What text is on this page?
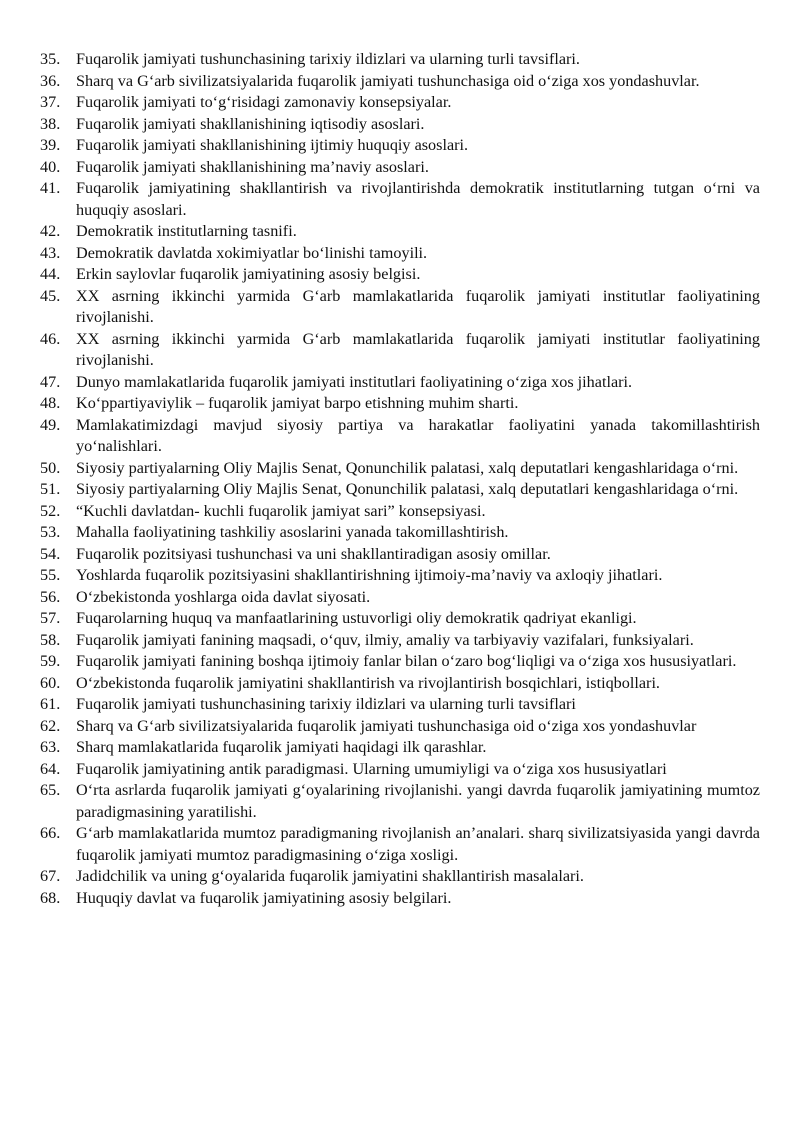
35. Fuqarolik jamiyati tushunchasining tarixiy ildizlari va ularning turli tavsiflari.
36. Sharq va G‘arb sivilizatsiyalarida fuqarolik jamiyati tushunchasiga oid o‘ziga xos yondashuvlar.
37. Fuqarolik jamiyati to‘g‘risidagi zamonaviy konsepsiyalar.
38. Fuqarolik jamiyati shakllanishining iqtisodiy asoslari.
39. Fuqarolik jamiyati shakllanishining ijtimiy huquqiy asoslari.
40. Fuqarolik jamiyati shakllanishining ma’naviy asoslari.
41. Fuqarolik jamiyatining shakllantirish va rivojlantirishda demokratik institutlarning tutgan o‘rni va huquqiy asoslari.
42. Demokratik institutlarning tasnifi.
43. Demokratik davlatda xokimiyatlar bo‘linishi tamoyili.
44. Erkin saylovlar fuqarolik jamiyatining asosiy belgisi.
45. XX asrning ikkinchi yarmida G‘arb mamlakatlarida fuqarolik jamiyati institutlar faoliyatining rivojlanishi.
46. XX asrning ikkinchi yarmida G‘arb mamlakatlarida fuqarolik jamiyati institutlar faoliyatining rivojlanishi.
47. Dunyo mamlakatlarida fuqarolik jamiyati institutlari faoliyatining o‘ziga xos jihatlari.
48. Ko‘ppartiyaviylik – fuqarolik jamiyat barpo etishning muhim sharti.
49. Mamlakatimizdagi mavjud siyosiy partiya va harakatlar faoliyatini yanada takomillashtirish yo‘nalishlari.
50. Siyosiy partiyalarning Oliy Majlis Senat, Qonunchilik palatasi, xalq deputatlari kengashlaridaga o‘rni.
51. Siyosiy partiyalarning Oliy Majlis Senat, Qonunchilik palatasi, xalq deputatlari kengashlaridaga o‘rni.
52. “Kuchli davlatdan- kuchli fuqarolik jamiyat sari” konsepsiyasi.
53. Mahalla faoliyatining tashkiliy asoslarini yanada takomillashtirish.
54. Fuqarolik pozitsiyasi tushunchasi va uni shakllantiradigan asosiy omillar.
55. Yoshlarda fuqarolik pozitsiyasini shakllantirishning ijtimoiy-ma’naviy va axloqiy jihatlari.
56. O‘zbekistonda yoshlarga oida davlat siyosati.
57. Fuqarolarning huquq va manfaatlarining ustuvorligi oliy demokratik qadriyat ekanligi.
58. Fuqarolik jamiyati fanining maqsadi, o‘quv, ilmiy, amaliy va tarbiyaviy vazifalari, funksiyalari.
59. Fuqarolik jamiyati fanining boshqa ijtimoiy fanlar bilan o‘zaro bog‘liqligi va o‘ziga xos hususiyatlari.
60. O‘zbekistonda fuqarolik jamiyatini shakllantirish va rivojlantirish bosqichlari, istiqbollari.
61. Fuqarolik jamiyati tushunchasining tarixiy ildizlari va ularning turli tavsiflari
62. Sharq va G‘arb sivilizatsiyalarida fuqarolik jamiyati tushunchasiga oid o‘ziga xos yondashuvlar
63. Sharq mamlakatlarida fuqarolik jamiyati haqidagi ilk qarashlar.
64. Fuqarolik jamiyatining antik paradigmasi. Ularning umumiyligi va o‘ziga xos hususiyatlari
65. O‘rta asrlarda fuqarolik jamiyati g‘oyalarining rivojlanishi. yangi davrda fuqarolik jamiyatining mumtoz paradigmasining yaratilishi.
66. G‘arb mamlakatlarida mumtoz paradigmaning rivojlanish an’analari. sharq sivilizatsiyasida yangi davrda fuqarolik jamiyati mumtoz paradigmasining o‘ziga xosligi.
67. Jadidchilik va uning g‘oyalarida fuqarolik jamiyatini shakllantirish masalalari.
68. Huquqiy davlat va fuqarolik jamiyatining asosiy belgilari.
